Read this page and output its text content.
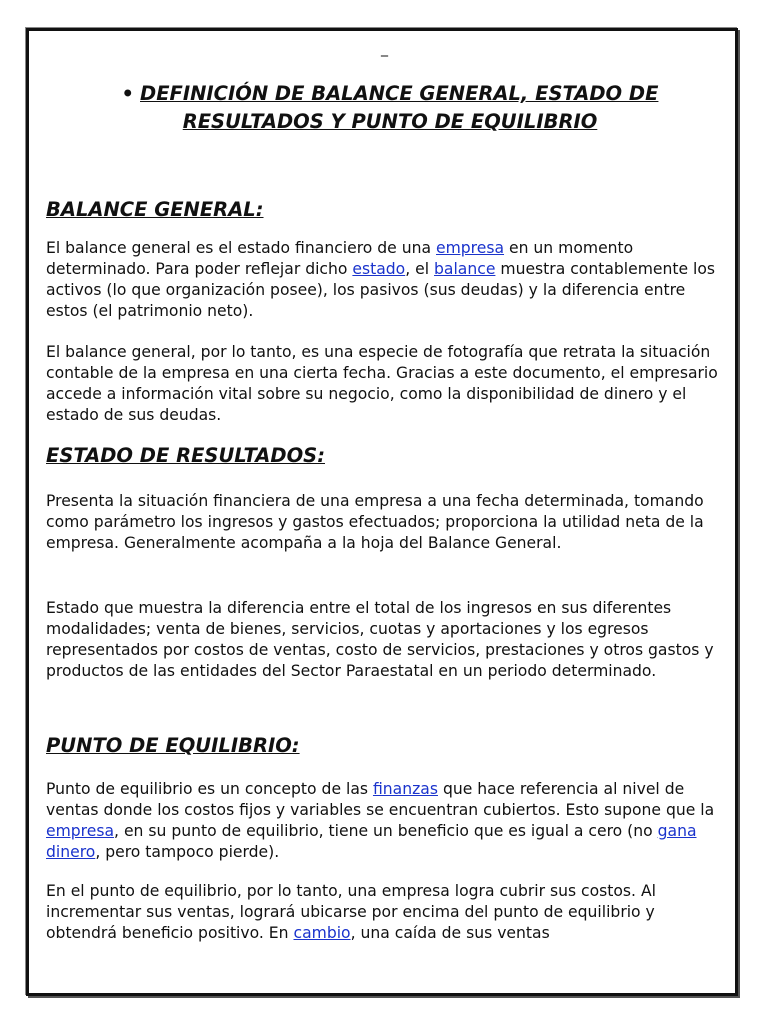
_
• DEFINICIÓN DE BALANCE GENERAL, ESTADO DE
RESULTADOS Y PUNTO DE EQUILIBRIO
BALANCE GENERAL:

El balance general es el estado financiero de una empresa en un momento determinado. Para poder reflejar dicho estado, el balance muestra contablemente los activos (lo que organización posee), los pasivos (sus deudas) y la diferencia entre estos (el patrimonio neto).

El balance general, por lo tanto, es una especie de fotografía que retrata la situación contable de la empresa en una cierta fecha. Gracias a este documento, el empresario accede a información vital sobre su negocio, como la disponibilidad de dinero y el estado de sus deudas.

ESTADO DE RESULTADOS:

Presenta la situación financiera de una empresa a una fecha determinada, tomando como parámetro los ingresos y gastos efectuados; proporciona la utilidad neta de la empresa. Generalmente acompaña a la hoja del Balance General.

Estado que muestra la diferencia entre el total de los ingresos en sus diferentes modalidades; venta de bienes, servicios, cuotas y aportaciones y los egresos representados por costos de ventas, costo de servicios, prestaciones y otros gastos y productos de las entidades del Sector Paraestatal en un periodo determinado.

PUNTO DE EQUILIBRIO:

Punto de equilibrio es un concepto de las finanzas que hace referencia al nivel de ventas donde los costos fijos y variables se encuentran cubiertos. Esto supone que la empresa, en su punto de equilibrio, tiene un beneficio que es igual a cero (no gana dinero, pero tampoco pierde).

En el punto de equilibrio, por lo tanto, una empresa logra cubrir sus costos. Al incrementar sus ventas, logrará ubicarse por encima del punto de equilibrio y obtendrá beneficio positivo. En cambio, una caída de sus ventas
